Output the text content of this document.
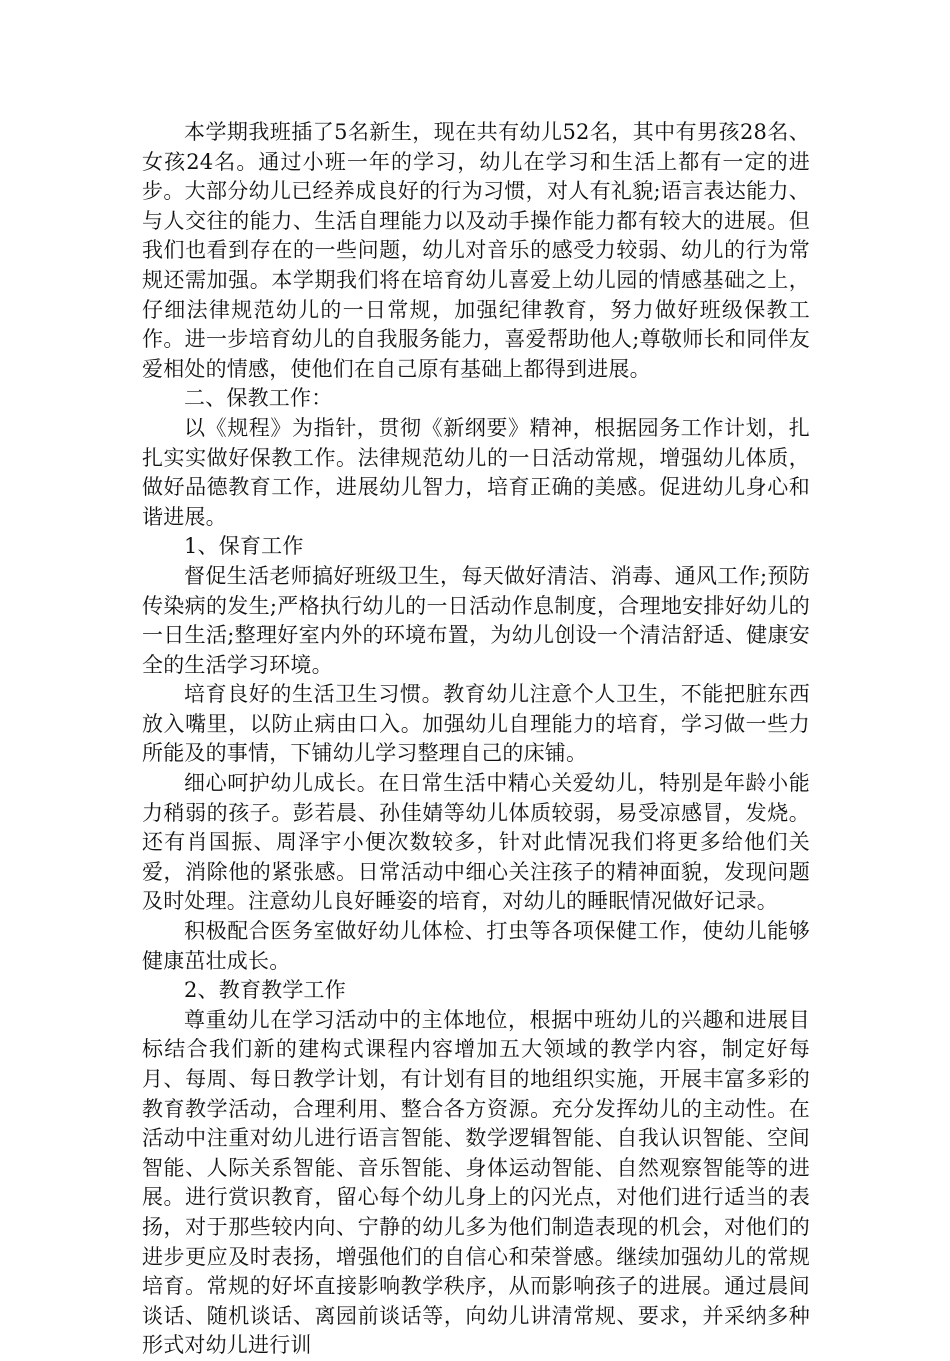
本学期我班插了5名新生，现在共有幼儿52名，其中有男孩28名、女孩24名。通过小班一年的学习，幼儿在学习和生活上都有一定的进步。大部分幼儿已经养成良好的行为习惯，对人有礼貌;语言表达能力、与人交往的能力、生活自理能力以及动手操作能力都有较大的进展。但我们也看到存在的一些问题，幼儿对音乐的感受力较弱、幼儿的行为常规还需加强。本学期我们将在培育幼儿喜爱上幼儿园的情感基础之上，仔细法律规范幼儿的一日常规，加强纪律教育，努力做好班级保教工作。进一步培育幼儿的自我服务能力，喜爱帮助他人;尊敬师长和同伴友爱相处的情感，使他们在自己原有基础上都得到进展。

二、保教工作：

以《规程》为指针，贯彻《新纲要》精神，根据园务工作计划，扎扎实实做好保教工作。法律规范幼儿的一日活动常规，增强幼儿体质，做好品德教育工作，进展幼儿智力，培育正确的美感。促进幼儿身心和谐进展。

1、保育工作

督促生活老师搞好班级卫生，每天做好清洁、消毒、通风工作;预防传染病的发生;严格执行幼儿的一日活动作息制度，合理地安排好幼儿的一日生活;整理好室内外的环境布置，为幼儿创设一个清洁舒适、健康安全的生活学习环境。

培育良好的生活卫生习惯。教育幼儿注意个人卫生，不能把脏东西放入嘴里，以防止病由口入。加强幼儿自理能力的培育，学习做一些力所能及的事情，下铺幼儿学习整理自己的床铺。

细心呵护幼儿成长。在日常生活中精心关爱幼儿，特别是年龄小能力稍弱的孩子。彭若晨、孙佳婧等幼儿体质较弱，易受凉感冒，发烧。还有肖国振、周泽宇小便次数较多，针对此情况我们将更多给他们关爱，消除他的紧张感。日常活动中细心关注孩子的精神面貌，发现问题及时处理。注意幼儿良好睡姿的培育，对幼儿的睡眠情况做好记录。

积极配合医务室做好幼儿体检、打虫等各项保健工作，使幼儿能够健康茁壮成长。

2、教育教学工作

尊重幼儿在学习活动中的主体地位，根据中班幼儿的兴趣和进展目标结合我们新的建构式课程内容增加五大领域的教学内容，制定好每月、每周、每日教学计划，有计划有目的地组织实施，开展丰富多彩的教育教学活动，合理利用、整合各方资源。充分发挥幼儿的主动性。在活动中注重对幼儿进行语言智能、数学逻辑智能、自我认识智能、空间智能、人际关系智能、音乐智能、身体运动智能、自然观察智能等的进展。进行赏识教育，留心每个幼儿身上的闪光点，对他们进行适当的表扬，对于那些较内向、宁静的幼儿多为他们制造表现的机会，对他们的进步更应及时表扬，增强他们的自信心和荣誉感。继续加强幼儿的常规培育。常规的好坏直接影响教学秩序，从而影响孩子的进展。通过晨间谈话、随机谈话、离园前谈话等，向幼儿讲清常规、要求，并采纳多种形式对幼儿进行训
